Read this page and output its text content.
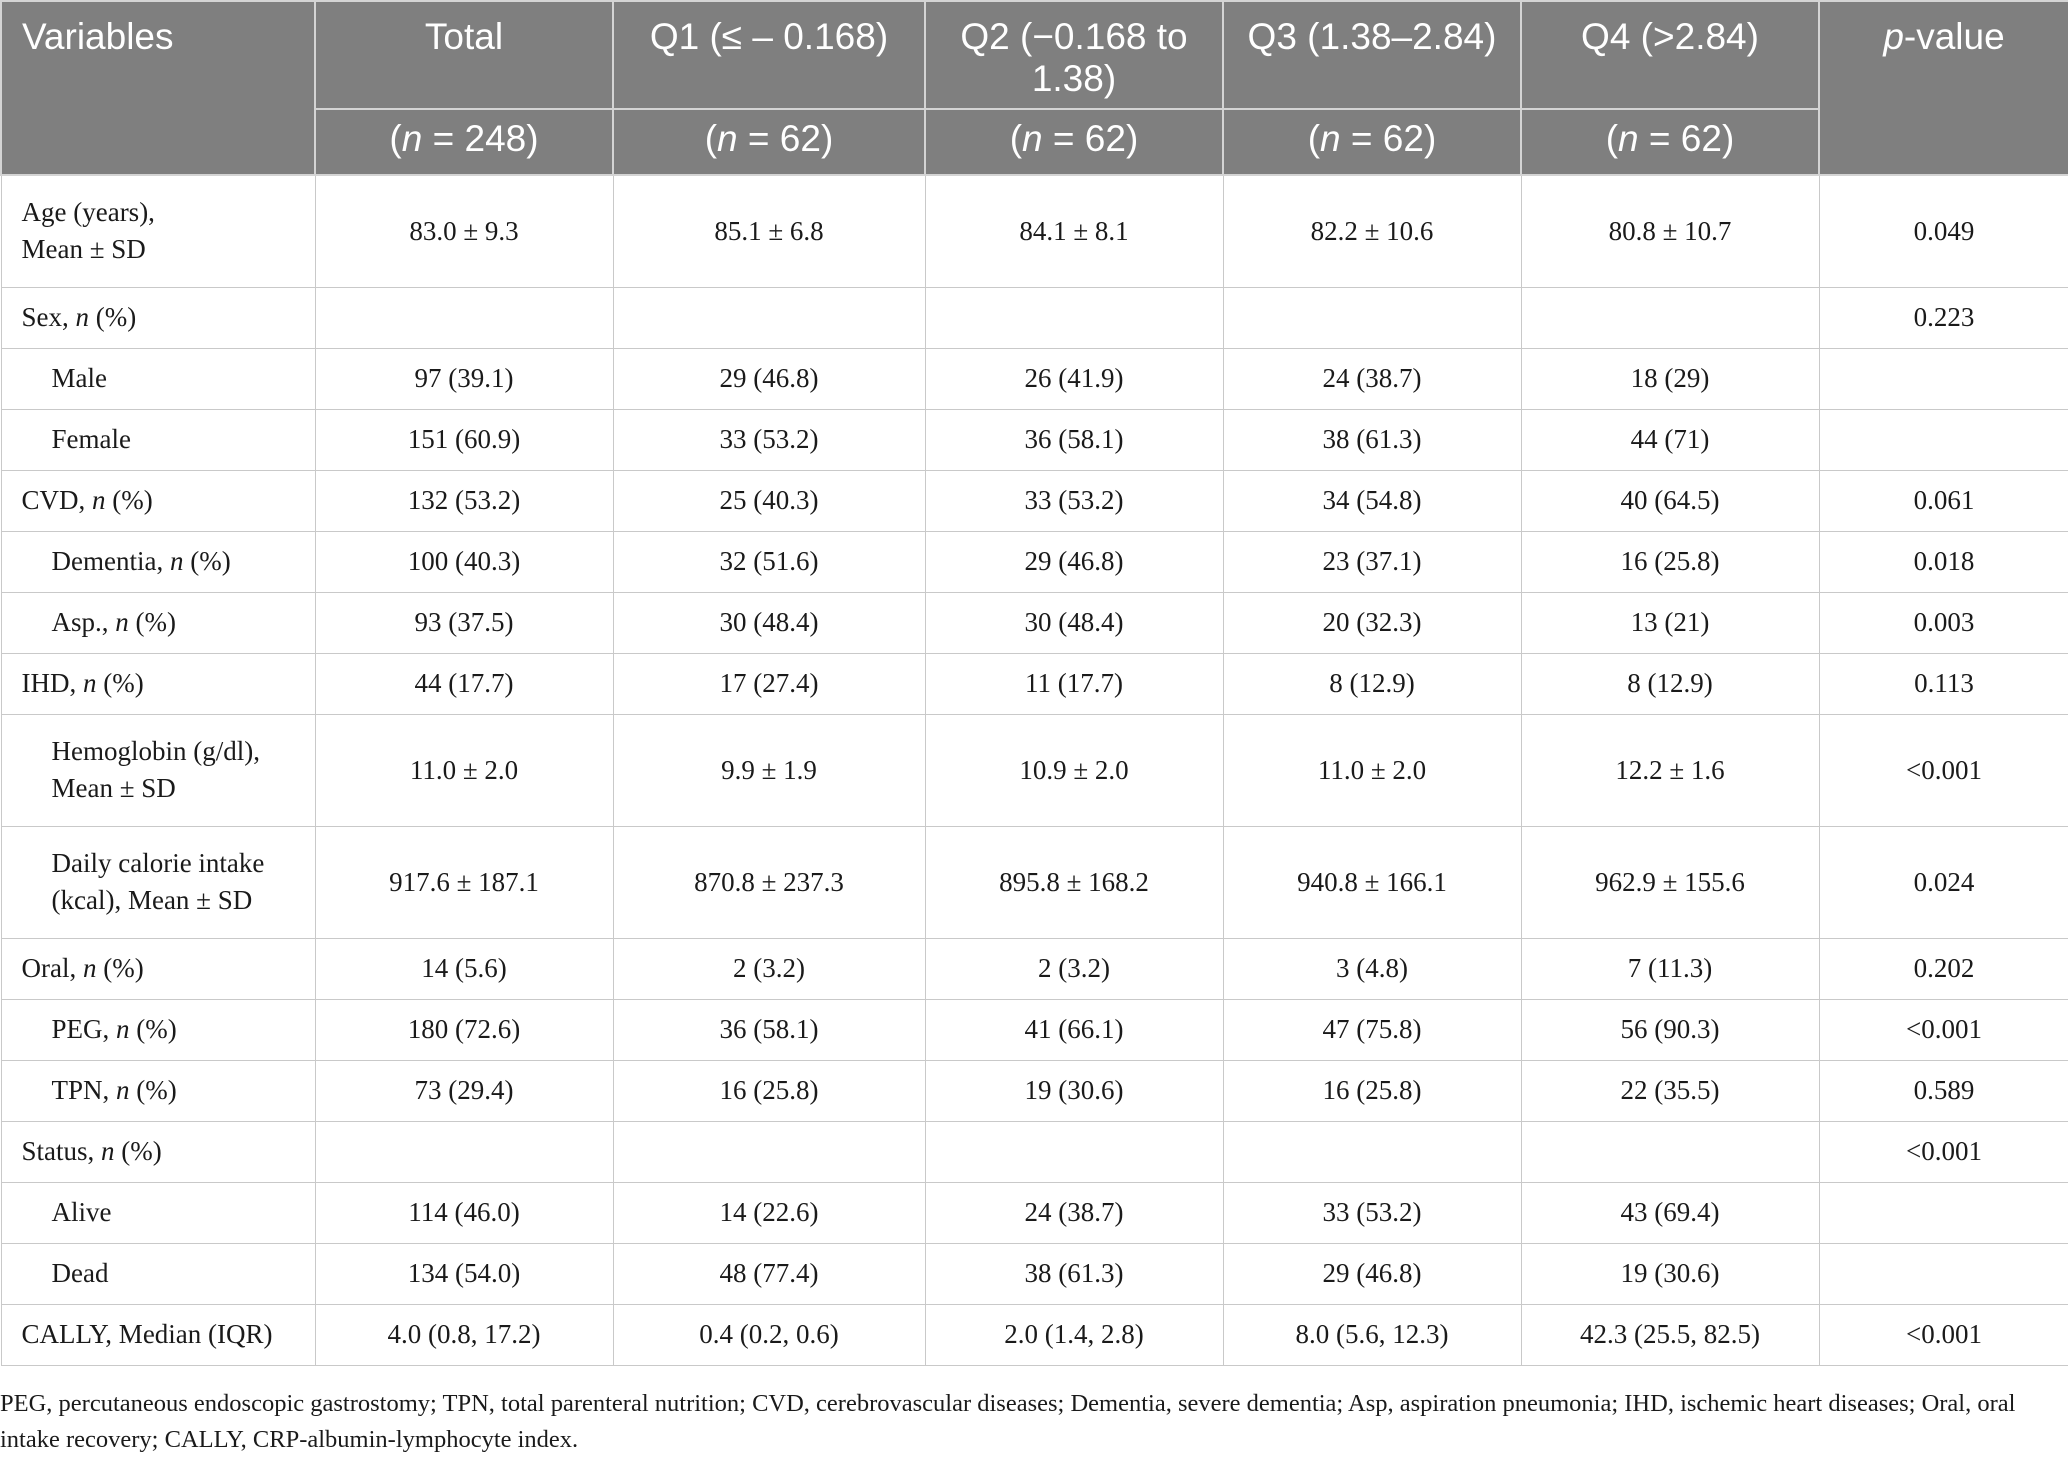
Variables	Total	Q1 (≤ – 0.168)	Q2 (−0.168 to 1.38)	Q3 (1.38–2.84)	Q4 (>2.84)	p-value
	(n = 248)	(n = 62)	(n = 62)	(n = 62)	(n = 62)	
Age (years),
Mean ± SD	83.0 ± 9.3	85.1 ± 6.8	84.1 ± 8.1	82.2 ± 10.6	80.8 ± 10.7	0.049
Sex, n (%)						0.223
Male	97 (39.1)	29 (46.8)	26 (41.9)	24 (38.7)	18 (29)	
Female	151 (60.9)	33 (53.2)	36 (58.1)	38 (61.3)	44 (71)	
CVD, n (%)	132 (53.2)	25 (40.3)	33 (53.2)	34 (54.8)	40 (64.5)	0.061
Dementia, n (%)	100 (40.3)	32 (51.6)	29 (46.8)	23 (37.1)	16 (25.8)	0.018
Asp., n (%)	93 (37.5)	30 (48.4)	30 (48.4)	20 (32.3)	13 (21)	0.003
IHD, n (%)	44 (17.7)	17 (27.4)	11 (17.7)	8 (12.9)	8 (12.9)	0.113
Hemoglobin (g/dl),
Mean ± SD	11.0 ± 2.0	9.9 ± 1.9	10.9 ± 2.0	11.0 ± 2.0	12.2 ± 1.6	<0.001
Daily calorie intake
(kcal), Mean ± SD	917.6 ± 187.1	870.8 ± 237.3	895.8 ± 168.2	940.8 ± 166.1	962.9 ± 155.6	0.024
Oral, n (%)	14 (5.6)	2 (3.2)	2 (3.2)	3 (4.8)	7 (11.3)	0.202
PEG, n (%)	180 (72.6)	36 (58.1)	41 (66.1)	47 (75.8)	56 (90.3)	<0.001
TPN, n (%)	73 (29.4)	16 (25.8)	19 (30.6)	16 (25.8)	22 (35.5)	0.589
Status, n (%)						<0.001
Alive	114 (46.0)	14 (22.6)	24 (38.7)	33 (53.2)	43 (69.4)	
Dead	134 (54.0)	48 (77.4)	38 (61.3)	29 (46.8)	19 (30.6)	
CALLY, Median (IQR)	4.0 (0.8, 17.2)	0.4 (0.2, 0.6)	2.0 (1.4, 2.8)	8.0 (5.6, 12.3)	42.3 (25.5, 82.5)	<0.001
PEG, percutaneous endoscopic gastrostomy; TPN, total parenteral nutrition; CVD, cerebrovascular diseases; Dementia, severe dementia; Asp, aspiration pneumonia; IHD, ischemic heart diseases; Oral, oral intake recovery; CALLY, CRP-albumin-lymphocyte index.
